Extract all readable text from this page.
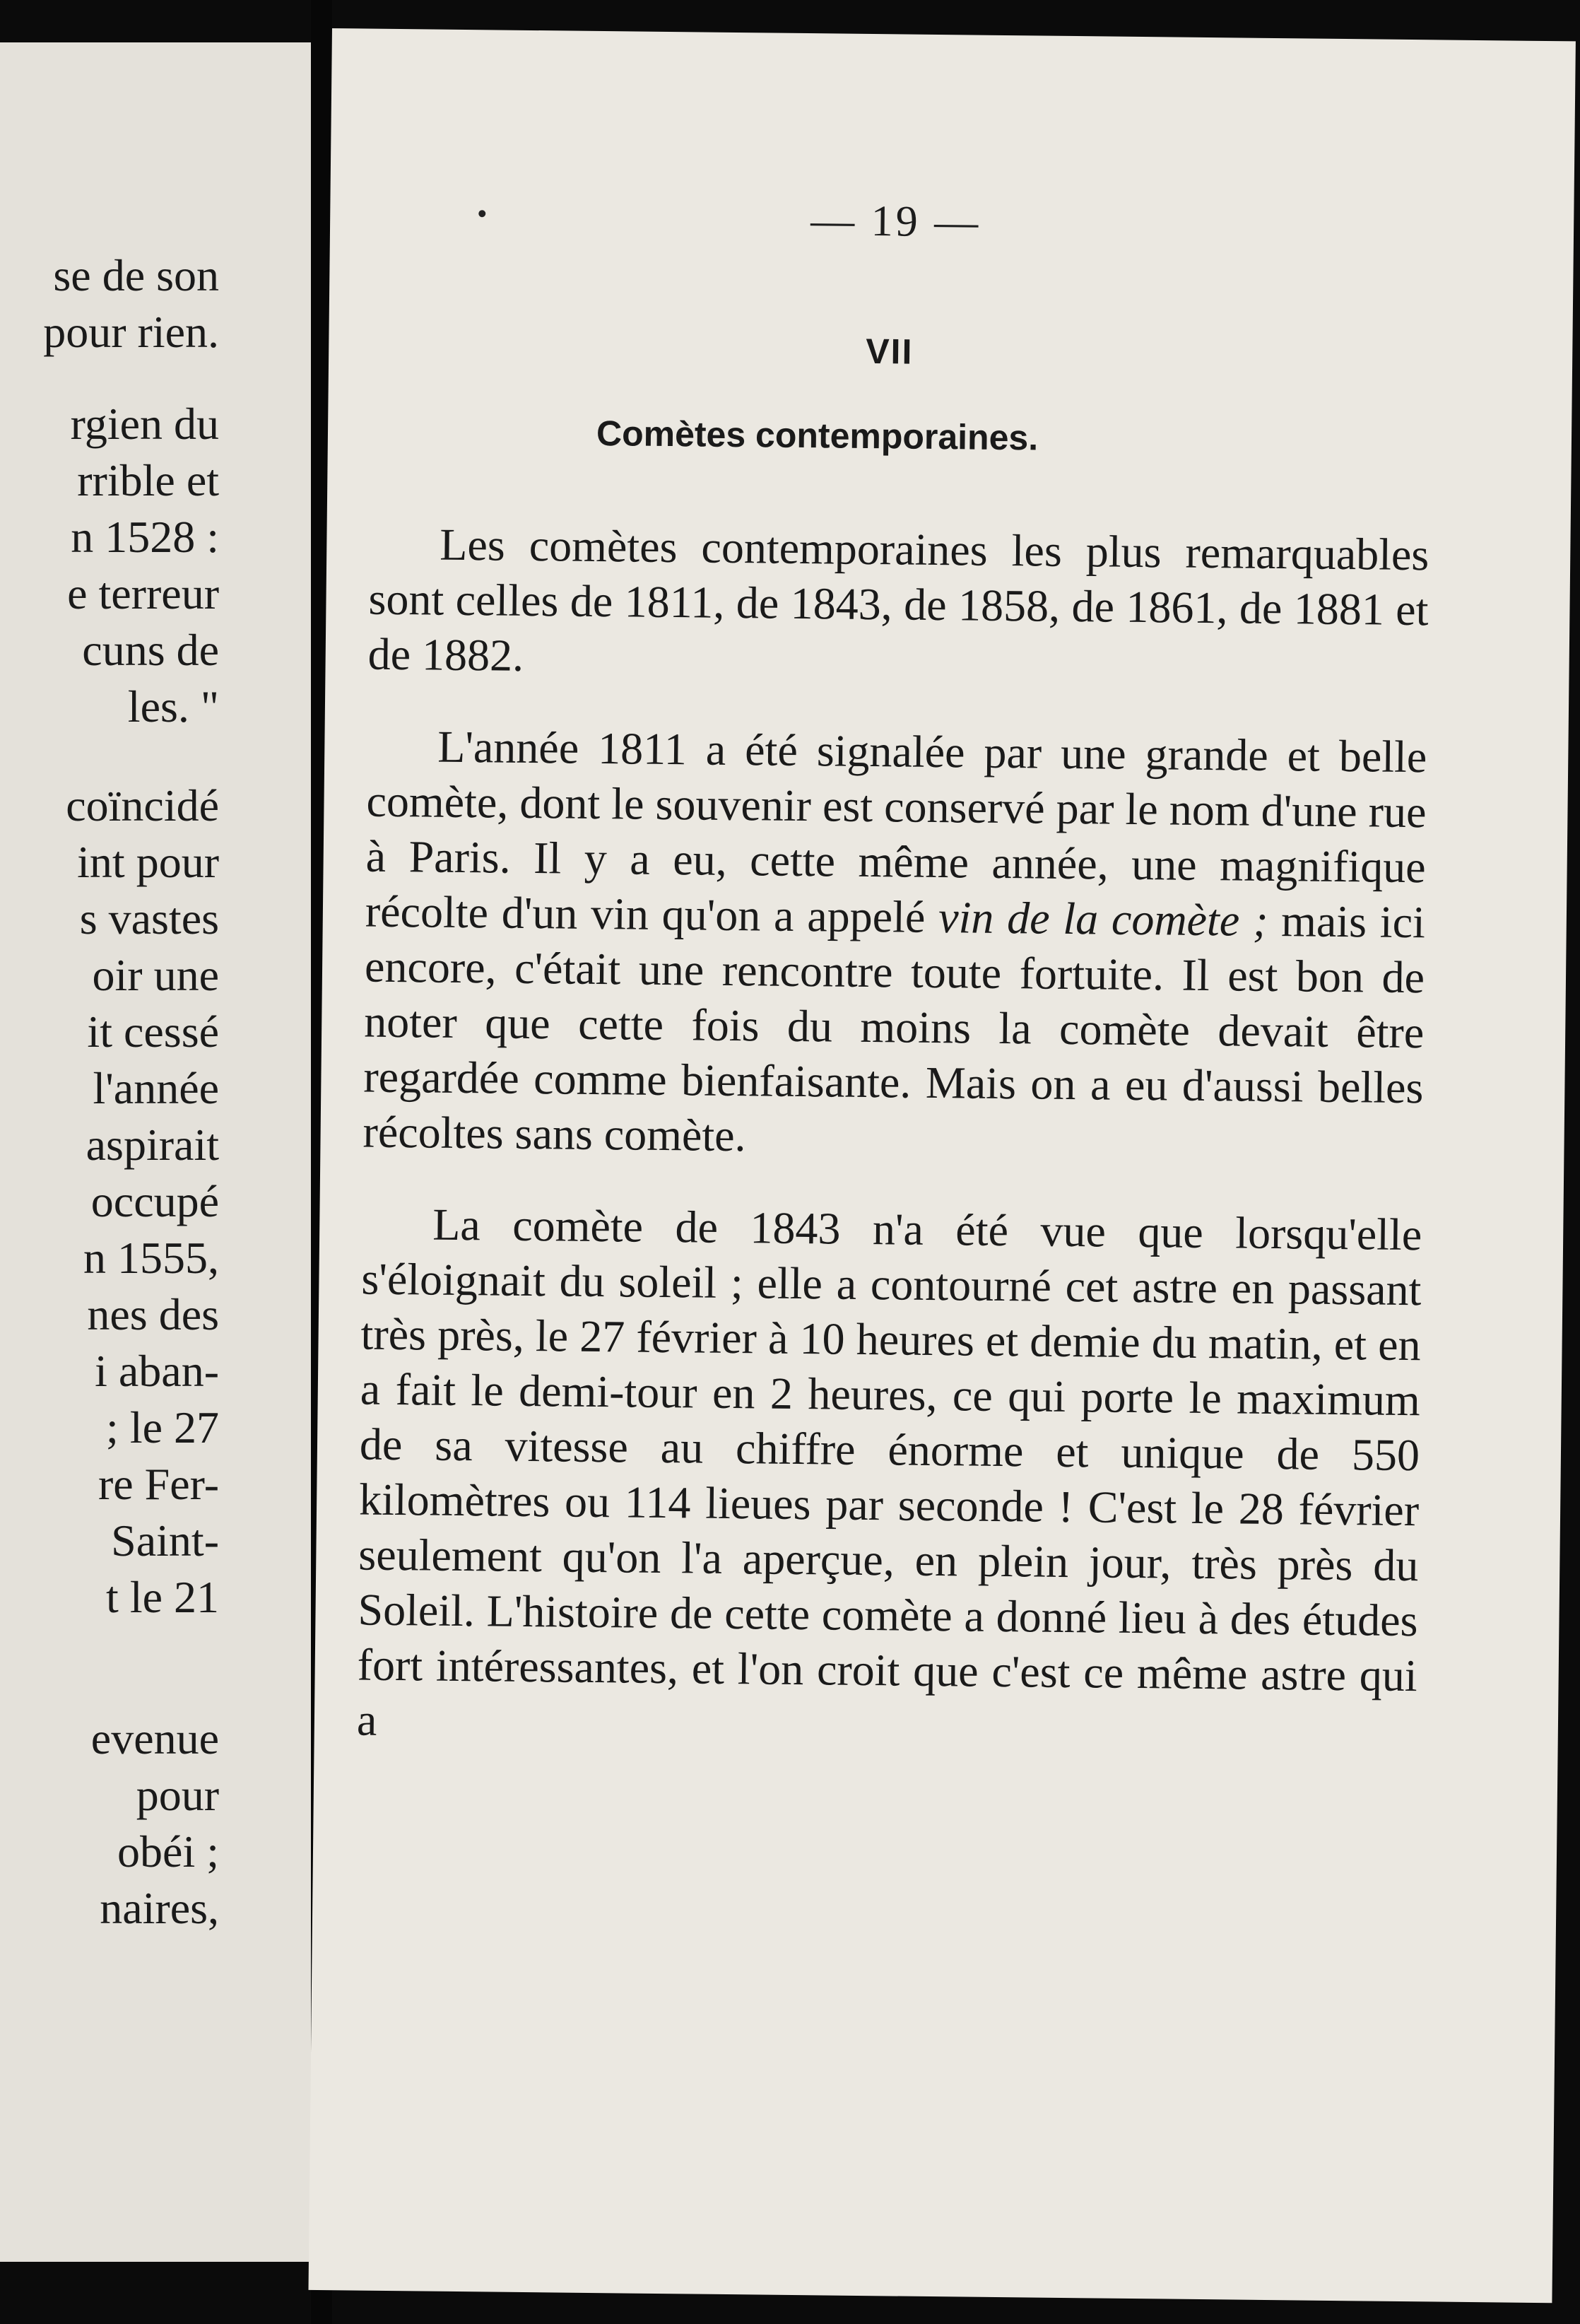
se de son
pour rien.
rgien du
rrible et
n 1528 :
e terreur
cuns de
les. "
coïncidé
int pour
s vastes
oir une
it cessé
l'année
aspirait
occupé
n 1555,
nes des
i aban-
; le 27
re Fer-
Saint-
t le 21
evenue
pour
obéi ;
naires,
— 19 —
VII
Comètes contemporaines.

Les comètes contemporaines les plus remarquables sont celles de 1811, de 1843, de 1858, de 1861, de 1881 et de 1882.

L'année 1811 a été signalée par une grande et belle comète, dont le souvenir est conservé par le nom d'une rue à Paris. Il y a eu, cette même année, une magnifique récolte d'un vin qu'on a appelé vin de la comète ; mais ici encore, c'était une rencontre toute fortuite. Il est bon de noter que cette fois du moins la comète devait être regardée comme bienfaisante. Mais on a eu d'aussi belles récoltes sans comète.

La comète de 1843 n'a été vue que lorsqu'elle s'éloignait du soleil ; elle a contourné cet astre en passant très près, le 27 février à 10 heures et demie du matin, et en a fait le demi-tour en 2 heures, ce qui porte le maximum de sa vitesse au chiffre énorme et unique de 550 kilomètres ou 114 lieues par seconde ! C'est le 28 février seulement qu'on l'a aperçue, en plein jour, très près du Soleil. L'histoire de cette comète a donné lieu à des études fort intéressantes, et l'on croit que c'est ce même astre qui a
